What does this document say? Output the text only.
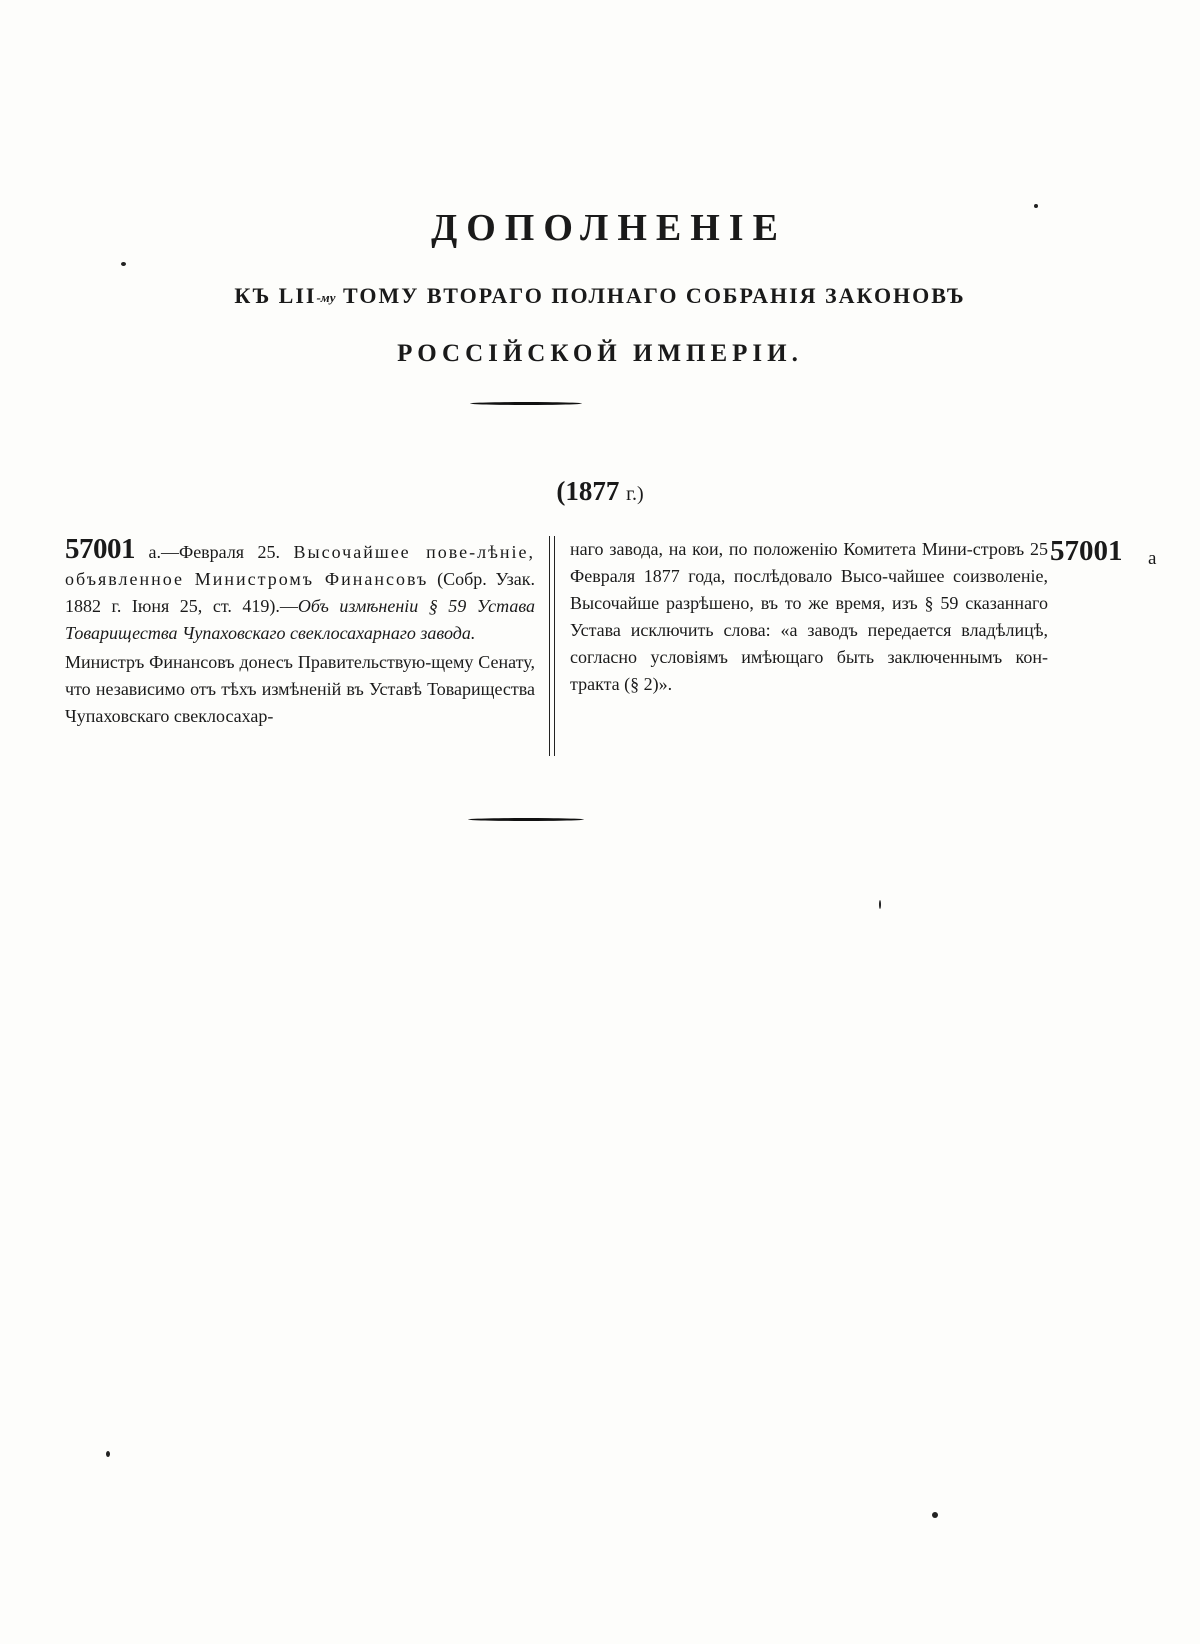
ДОПОЛНЕНІЕ
КЪ LII-му ТОМУ ВТОРАГО ПОЛНАГО СОБРАНІЯ ЗАКОНОВЪ
РОССІЙСКОЙ ИМПЕРІИ.
(1877 г.)

57001 а.—Февраля 25. Высочайшее пове-лѣніе, объявленное Министромъ Финансовъ (Собр. Узак. 1882 г. Іюня 25, ст. 419).—Объ измѣненіи § 59 Устава Товарищества Чупаховскаго свеклосахарнаго завода.

Министръ Финансовъ донесъ Правительствую-щему Сенату, что независимо отъ тѣхъ измѣненій въ Уставѣ Товарищества Чупаховскаго свеклосахар-

наго завода, на кои, по положенію Комитета Мини-стровъ 25 Февраля 1877 года, послѣдовало Высо-чайшее соизволеніе, Высочайше разрѣшено, въ то же время, изъ § 59 сказаннаго Устава исключить слова: «а заводъ передается владѣлицѣ, согласно условіямъ имѣющаго быть заключеннымъ кон-тракта (§ 2)».

57001 а
